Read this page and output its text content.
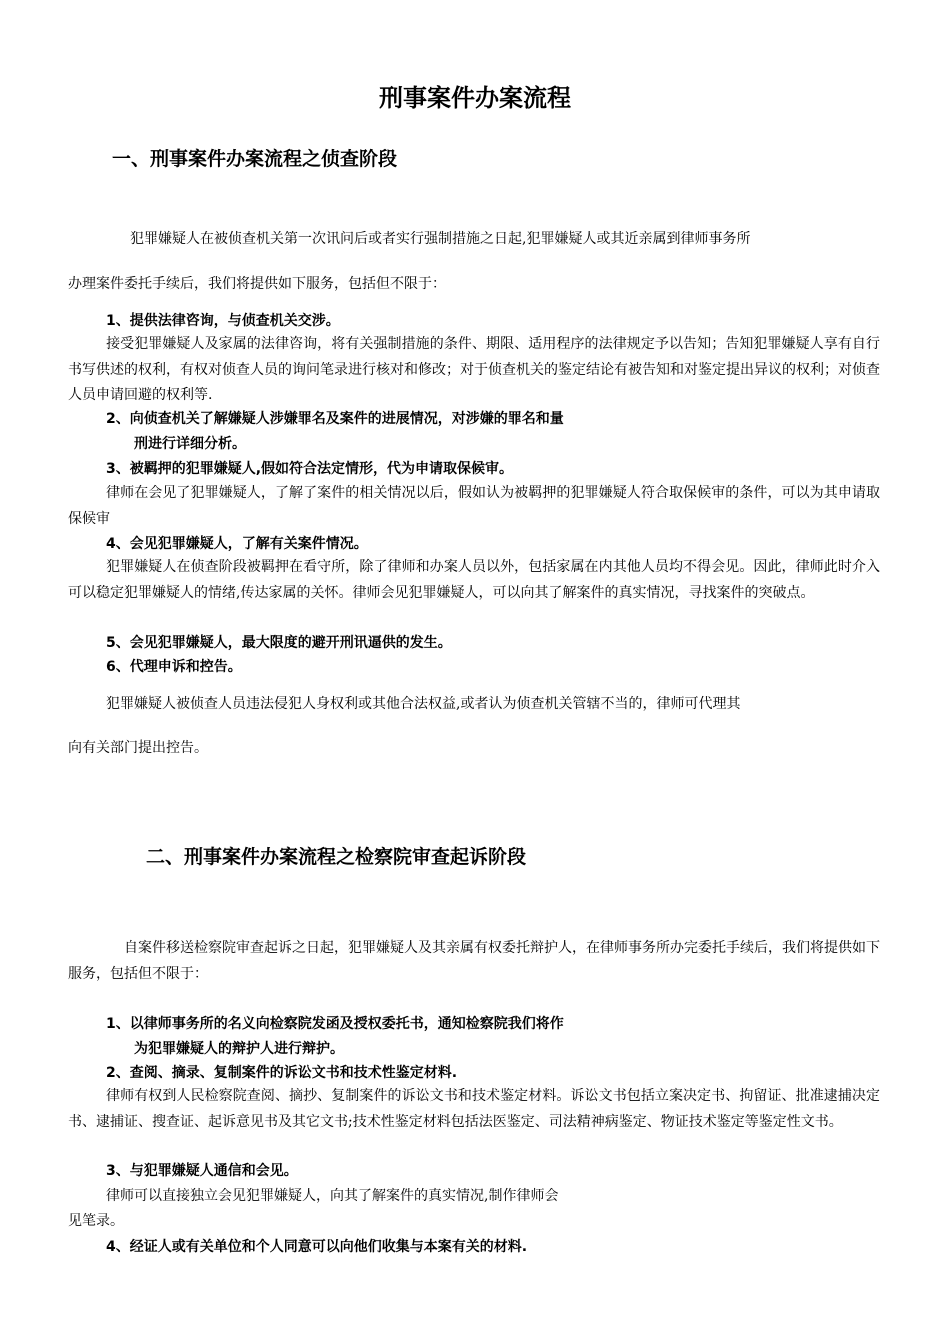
刑事案件办案流程
一、刑事案件办案流程之侦查阶段
犯罪嫌疑人在被侦查机关第一次讯问后或者实行强制措施之日起,犯罪嫌疑人或其近亲属到律师事务所
办理案件委托手续后，我们将提供如下服务，包括但不限于：
1、提供法律咨询，与侦查机关交涉。
接受犯罪嫌疑人及家属的法律咨询，将有关强制措施的条件、期限、适用程序的法律规定予以告知；告知犯罪嫌疑人享有自行书写供述的权利，有权对侦查人员的询问笔录进行核对和修改；对于侦查机关的鉴定结论有被告知和对鉴定提出异议的权利；对侦查人员申请回避的权利等.
2、向侦查机关了解嫌疑人涉嫌罪名及案件的进展情况，对涉嫌的罪名和量
刑进行详细分析。
3、被羁押的犯罪嫌疑人,假如符合法定情形，代为申请取保候审。
律师在会见了犯罪嫌疑人，了解了案件的相关情况以后，假如认为被羁押的犯罪嫌疑人符合取保候审的条件，可以为其申请取保候审
4、会见犯罪嫌疑人，了解有关案件情况。
犯罪嫌疑人在侦查阶段被羁押在看守所，除了律师和办案人员以外，包括家属在内其他人员均不得会见。因此，律师此时介入可以稳定犯罪嫌疑人的情绪,传达家属的关怀。律师会见犯罪嫌疑人，可以向其了解案件的真实情况，寻找案件的突破点。
5、会见犯罪嫌疑人，最大限度的避开刑讯逼供的发生。
6、代理申诉和控告。
犯罪嫌疑人被侦查人员违法侵犯人身权利或其他合法权益,或者认为侦查机关管辖不当的，律师可代理其
向有关部门提出控告。
二、刑事案件办案流程之检察院审查起诉阶段
自案件移送检察院审查起诉之日起，犯罪嫌疑人及其亲属有权委托辩护人，在律师事务所办完委托手续后，我们将提供如下服务，包括但不限于：
1、以律师事务所的名义向检察院发函及授权委托书，通知检察院我们将作
为犯罪嫌疑人的辩护人进行辩护。
2、查阅、摘录、复制案件的诉讼文书和技术性鉴定材料.
律师有权到人民检察院查阅、摘抄、复制案件的诉讼文书和技术鉴定材料。诉讼文书包括立案决定书、拘留证、批准逮捕决定书、逮捕证、搜查证、起诉意见书及其它文书;技术性鉴定材料包括法医鉴定、司法精神病鉴定、物证技术鉴定等鉴定性文书。
3、与犯罪嫌疑人通信和会见。
律师可以直接独立会见犯罪嫌疑人，向其了解案件的真实情况,制作律师会
见笔录。
4、经证人或有关单位和个人同意可以向他们收集与本案有关的材料.
